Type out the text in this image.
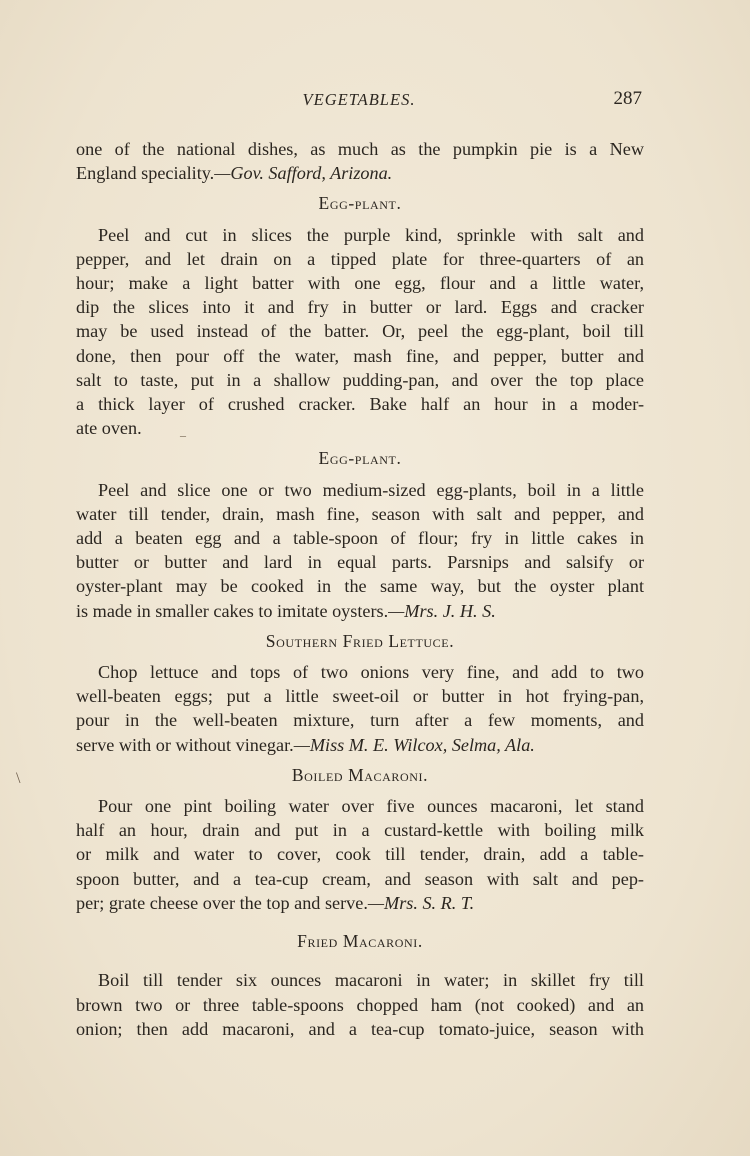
VEGETABLES.	287
one of the national dishes, as much as the pumpkin pie is a New
England speciality.—Gov. Safford, Arizona.
Egg-plant.
Peel and cut in slices the purple kind, sprinkle with salt and
pepper, and let drain on a tipped plate for three-quarters of an
hour; make a light batter with one egg, flour and a little water,
dip the slices into it and fry in butter or lard. Eggs and cracker
may be used instead of the batter. Or, peel the egg-plant, boil till
done, then pour off the water, mash fine, and pepper, butter and
salt to taste, put in a shallow pudding-pan, and over the top place
a thick layer of crushed cracker. Bake half an hour in a moder-
ate oven.
Egg-plant.
Peel and slice one or two medium-sized egg-plants, boil in a little
water till tender, drain, mash fine, season with salt and pepper, and
add a beaten egg and a table-spoon of flour; fry in little cakes in
butter or butter and lard in equal parts. Parsnips and salsify or
oyster-plant may be cooked in the same way, but the oyster plant
is made in smaller cakes to imitate oysters.—Mrs. J. H. S.
Southern Fried Lettuce.
Chop lettuce and tops of two onions very fine, and add to two
well-beaten eggs; put a little sweet-oil or butter in hot frying-pan,
pour in the well-beaten mixture, turn after a few moments, and
serve with or without vinegar.—Miss M. E. Wilcox, Selma, Ala.
Boiled Macaroni.
Pour one pint boiling water over five ounces macaroni, let stand
half an hour, drain and put in a custard-kettle with boiling milk
or milk and water to cover, cook till tender, drain, add a table-
spoon butter, and a tea-cup cream, and season with salt and pep-
per; grate cheese over the top and serve.—Mrs. S. R. T.
Fried Macaroni.
Boil till tender six ounces macaroni in water; in skillet fry till
brown two or three table-spoons chopped ham (not cooked) and an
onion; then add macaroni, and a tea-cup tomato-juice, season with
\
–
